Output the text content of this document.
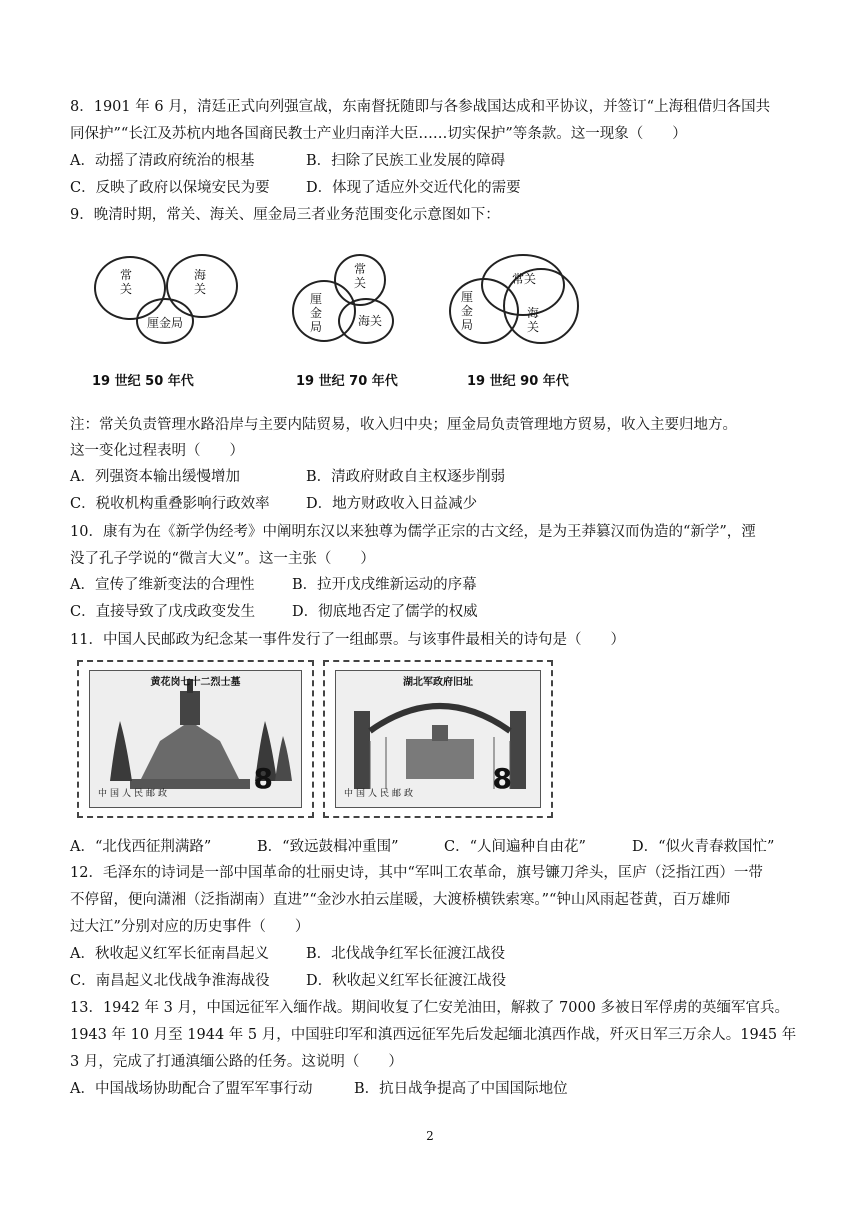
8．1901 年 6 月，清廷正式向列强宣战，东南督抚随即与各参战国达成和平协议，并签订“上海租借归各国共
同保护”“长江及苏杭内地各国商民教士产业归南洋大臣……切实保护”等条款。这一现象（　　）
A．动摇了清政府统治的根基	B．扫除了民族工业发展的障碍
C．反映了政府以保境安民为要	D．体现了适应外交近代化的需要
9．晚清时期，常关、海关、厘金局三者业务范围变化示意图如下：
常
关
海
关
厘金局
19 世纪 50 年代
常
关
厘
金
局	海关
19 世纪 70 年代
常关
厘
金
局
海
关
19 世纪 90 年代
注：常关负责管理水路沿岸与主要内陆贸易，收入归中央；厘金局负责管理地方贸易，收入主要归地方。
这一变化过程表明（　　）
A．列强资本输出缓慢增加	B．清政府财政自主权逐步削弱
C．税收机构重叠影响行政效率	D．地方财政收入日益减少
10．康有为在《新学伪经考》中阐明东汉以来独尊为儒学正宗的古文经，是为王莽篡汉而伪造的“新学”，湮
没了孔子学说的“微言大义”。这一主张（　　）
A．宣传了维新变法的合理性	B．拉开戊戌维新运动的序幕
C．直接导致了戊戌政变发生	D．彻底地否定了儒学的权威
11．中国人民邮政为纪念某一事件发行了一组邮票。与该事件最相关的诗句是（　　）
黄花岗七十二烈士墓
中国人民邮政	8
湖北军政府旧址
中国人民邮政	8
A．“北伐西征荆满路”	B．“致远鼓楫冲重围”	C．“人间遍种自由花”	D．“似火青春救国忙”
12．毛泽东的诗词是一部中国革命的壮丽史诗，其中“军叫工农革命，旗号镰刀斧头，匡庐（泛指江西）一带
不停留，便向潇湘（泛指湖南）直进”“金沙水拍云崖暖，大渡桥横铁索寒。”“钟山风雨起苍黄，百万雄师
过大江”分别对应的历史事件（　　）
A．秋收起义红军长征南昌起义	B．北伐战争红军长征渡江战役
C．南昌起义北伐战争淮海战役	D．秋收起义红军长征渡江战役
13．1942 年 3 月，中国远征军入缅作战。期间收复了仁安羌油田，解救了 7000 多被日军俘虏的英缅军官兵。
1943 年 10 月至 1944 年 5 月，中国驻印军和滇西远征军先后发起缅北滇西作战，歼灭日军三万余人。1945 年
3 月，完成了打通滇缅公路的任务。这说明（　　）
A．中国战场协助配合了盟军军事行动	B．抗日战争提高了中国国际地位
2
